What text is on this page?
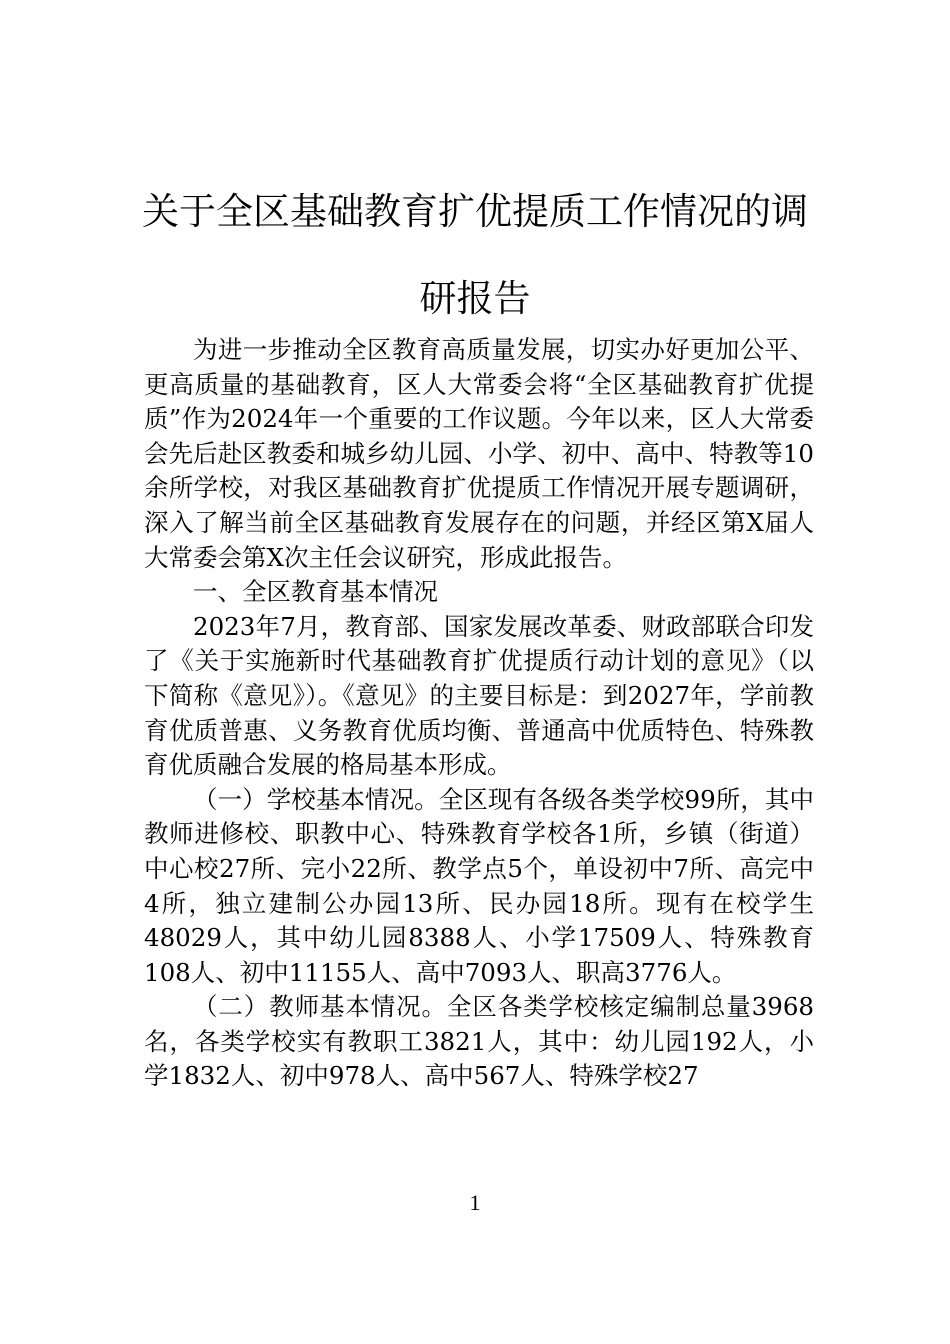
关于全区基础教育扩优提质工作情况的调研报告

为进一步推动全区教育高质量发展，切实办好更加公平、更高质量的基础教育，区人大常委会将“全区基础教育扩优提质”作为2024年一个重要的工作议题。今年以来，区人大常委会先后赴区教委和城乡幼儿园、小学、初中、高中、特教等10余所学校，对我区基础教育扩优提质工作情况开展专题调研，深入了解当前全区基础教育发展存在的问题，并经区第X届人大常委会第X次主任会议研究，形成此报告。

一、全区教育基本情况

2023年7月，教育部、国家发展改革委、财政部联合印发了《关于实施新时代基础教育扩优提质行动计划的意见》（以下简称《意见》）。《意见》的主要目标是：到2027年，学前教育优质普惠、义务教育优质均衡、普通高中优质特色、特殊教育优质融合发展的格局基本形成。

（一）学校基本情况。全区现有各级各类学校99所，其中教师进修校、职教中心、特殊教育学校各1所，乡镇（街道）中心校27所、完小22所、教学点5个，单设初中7所、高完中4所，独立建制公办园13所、民办园18所。现有在校学生48029人，其中幼儿园8388人、小学17509人、特殊教育108人、初中11155人、高中7093人、职高3776人。

（二）教师基本情况。全区各类学校核定编制总量3968名，各类学校实有教职工3821人，其中：幼儿园192人，小学1832人、初中978人、高中567人、特殊学校27

1
